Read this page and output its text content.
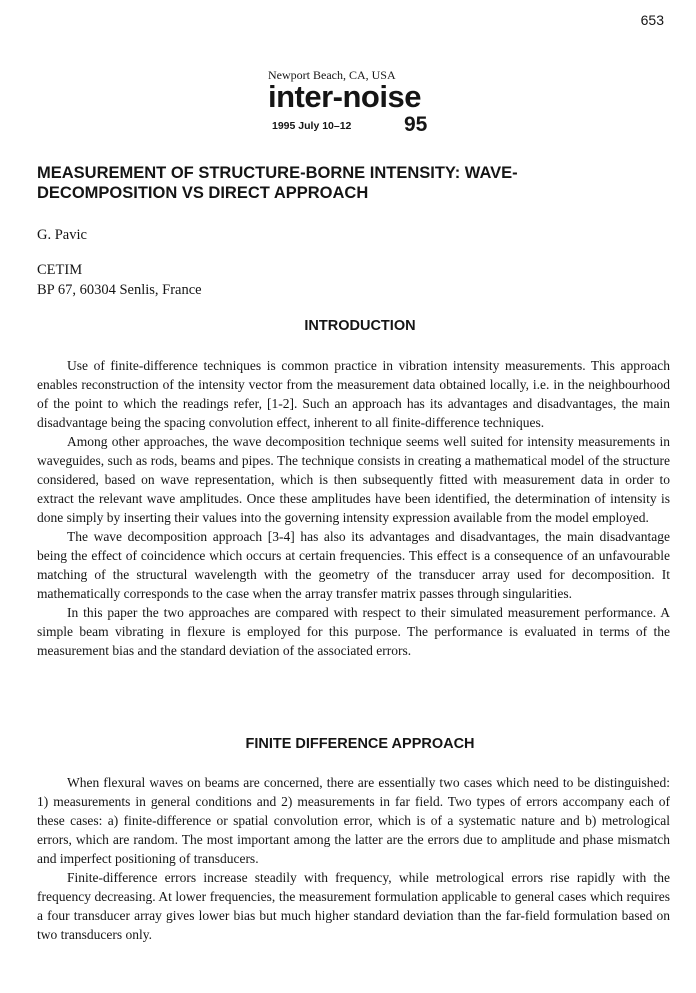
653
Newport Beach, CA, USA
inter-noise
1995 July 10–12	95
MEASUREMENT OF STRUCTURE-BORNE INTENSITY: WAVE-DECOMPOSITION VS DIRECT APPROACH
G. Pavic
CETIM
BP 67, 60304 Senlis, France
INTRODUCTION

Use of finite-difference techniques is common practice in vibration intensity measurements. This approach enables reconstruction of the intensity vector from the measurement data obtained locally, i.e. in the neighbourhood of the point to which the readings refer, [1-2]. Such an approach has its advantages and disadvantages, the main disadvantage being the spacing convolution effect, inherent to all finite-difference techniques.

Among other approaches, the wave decomposition technique seems well suited for intensity measurements in waveguides, such as rods, beams and pipes. The technique consists in creating a mathematical model of the structure considered, based on wave representation, which is then subsequently fitted with measurement data in order to extract the relevant wave amplitudes. Once these amplitudes have been identified, the determination of intensity is done simply by inserting their values into the governing intensity expression available from the model employed.

The wave decomposition approach [3-4] has also its advantages and disadvantages, the main disadvantage being the effect of coincidence which occurs at certain frequencies. This effect is a consequence of an unfavourable matching of the structural wavelength with the geometry of the transducer array used for decomposition. It mathematically corresponds to the case when the array transfer matrix passes through singularities.

In this paper the two approaches are compared with respect to their simulated measurement performance. A simple beam vibrating in flexure is employed for this purpose. The performance is evaluated in terms of the measurement bias and the standard deviation of the associated errors.

FINITE DIFFERENCE APPROACH

When flexural waves on beams are concerned, there are essentially two cases which need to be distinguished: 1) measurements in general conditions and 2) measurements in far field. Two types of errors accompany each of these cases: a) finite-difference or spatial convolution error, which is of a systematic nature and b) metrological errors, which are random. The most important among the latter are the errors due to amplitude and phase mismatch and imperfect positioning of transducers.

Finite-difference errors increase steadily with frequency, while metrological errors rise rapidly with the frequency decreasing. At lower frequencies, the measurement formulation applicable to general cases which requires a four transducer array gives lower bias but much higher standard deviation than the far-field formulation based on two transducers only.
